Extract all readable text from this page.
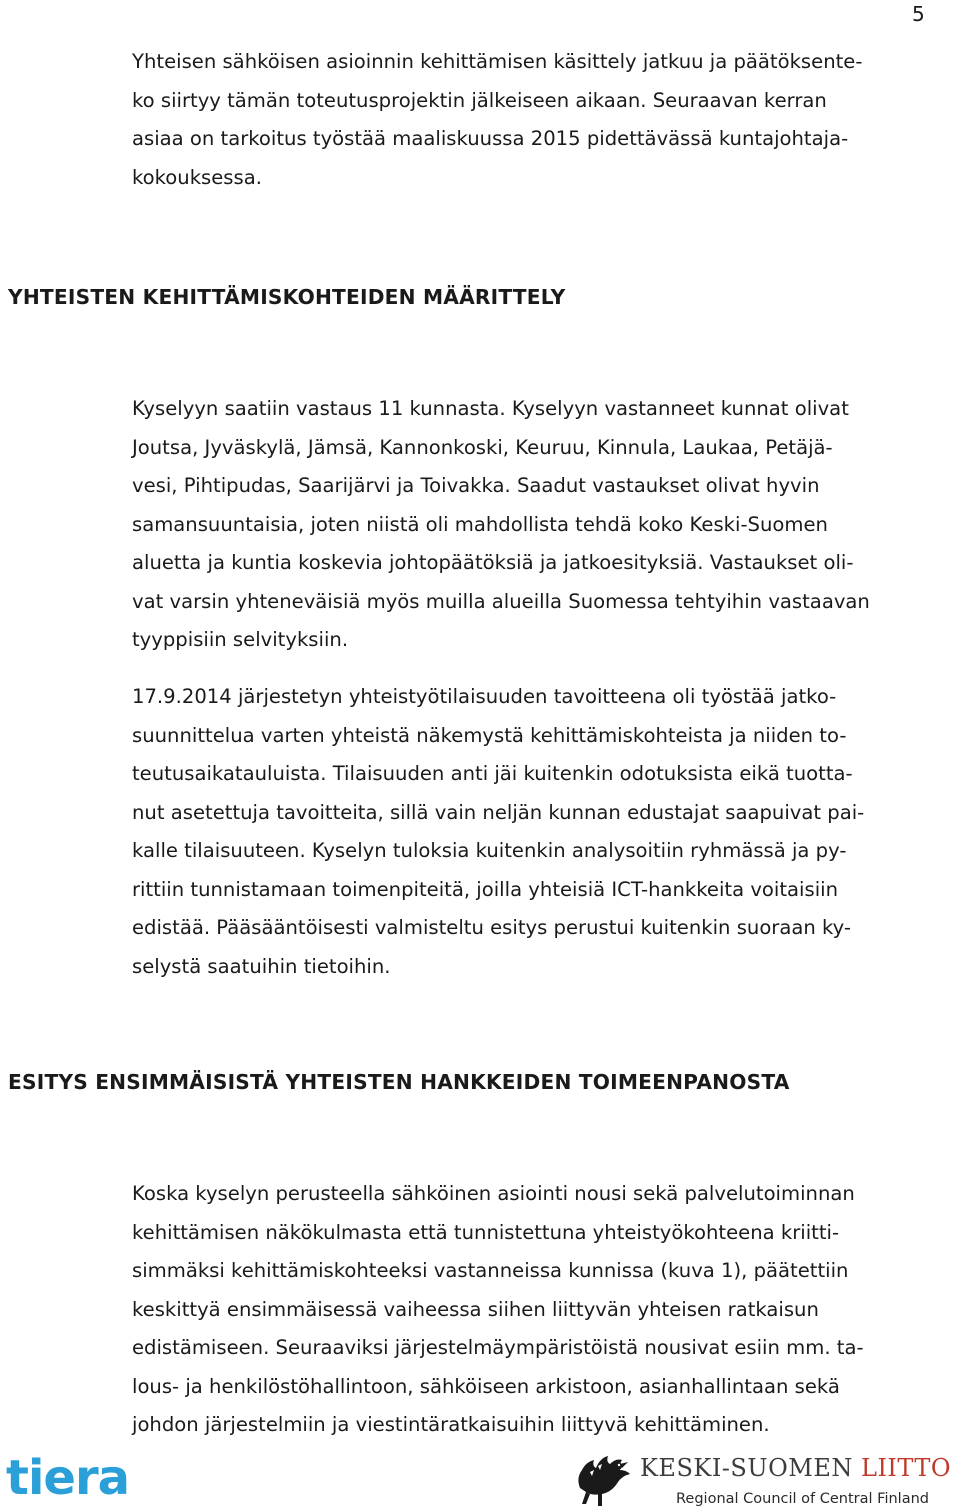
5

Yhteisen sähköisen asioinnin kehittämisen käsittely jatkuu ja päätöksente-
ko siirtyy tämän toteutusprojektin jälkeiseen aikaan. Seuraavan kerran
asiaa on tarkoitus työstää maaliskuussa 2015 pidettävässä kuntajohtaja-
kokouksessa.

YHTEISTEN KEHITTÄMISKOHTEIDEN MÄÄRITTELY

Kyselyyn saatiin vastaus 11 kunnasta. Kyselyyn vastanneet kunnat olivat
Joutsa, Jyväskylä, Jämsä, Kannonkoski, Keuruu, Kinnula, Laukaa, Petäjä-
vesi, Pihtipudas, Saarijärvi ja Toivakka. Saadut vastaukset olivat hyvin
samansuuntaisia, joten niistä oli mahdollista tehdä koko Keski-Suomen
aluetta ja kuntia koskevia johtopäätöksiä ja jatkoesityksiä. Vastaukset oli-
vat varsin yhteneväisiä myös muilla alueilla Suomessa tehtyihin vastaavan
tyyppisiin selvityksiin.

17.9.2014 järjestetyn yhteistyötilaisuuden tavoitteena oli työstää jatko-
suunnittelua varten yhteistä näkemystä kehittämiskohteista ja niiden to-
teutusaikatauluista. Tilaisuuden anti jäi kuitenkin odotuksista eikä tuotta-
nut asetettuja tavoitteita, sillä vain neljän kunnan edustajat saapuivat pai-
kalle tilaisuuteen. Kyselyn tuloksia kuitenkin analysoitiin ryhmässä ja py-
rittiin tunnistamaan toimenpiteitä, joilla yhteisiä ICT-hankkeita voitaisiin
edistää. Pääsääntöisesti valmisteltu esitys perustui kuitenkin suoraan ky-
selystä saatuihin tietoihin.

ESITYS ENSIMMÄISISTÄ YHTEISTEN HANKKEIDEN TOIMEENPANOSTA

Koska kyselyn perusteella sähköinen asiointi nousi sekä palvelutoiminnan
kehittämisen näkökulmasta että tunnistettuna yhteistyökohteena kriitti-
simmäksi kehittämiskohteeksi vastanneissa kunnissa (kuva 1), päätettiin
keskittyä ensimmäisessä vaiheessa siihen liittyvän yhteisen ratkaisun
edistämiseen. Seuraaviksi järjestelmäympäristöistä nousivat esiin mm. ta-
lous- ja henkilöstöhallintoon, sähköiseen arkistoon, asianhallintaan sekä
johdon järjestelmiin ja viestintäratkaisuihin liittyvä kehittäminen.

tiera	KESKI-SUOMEN LIITTO
Regional Council of Central Finland
